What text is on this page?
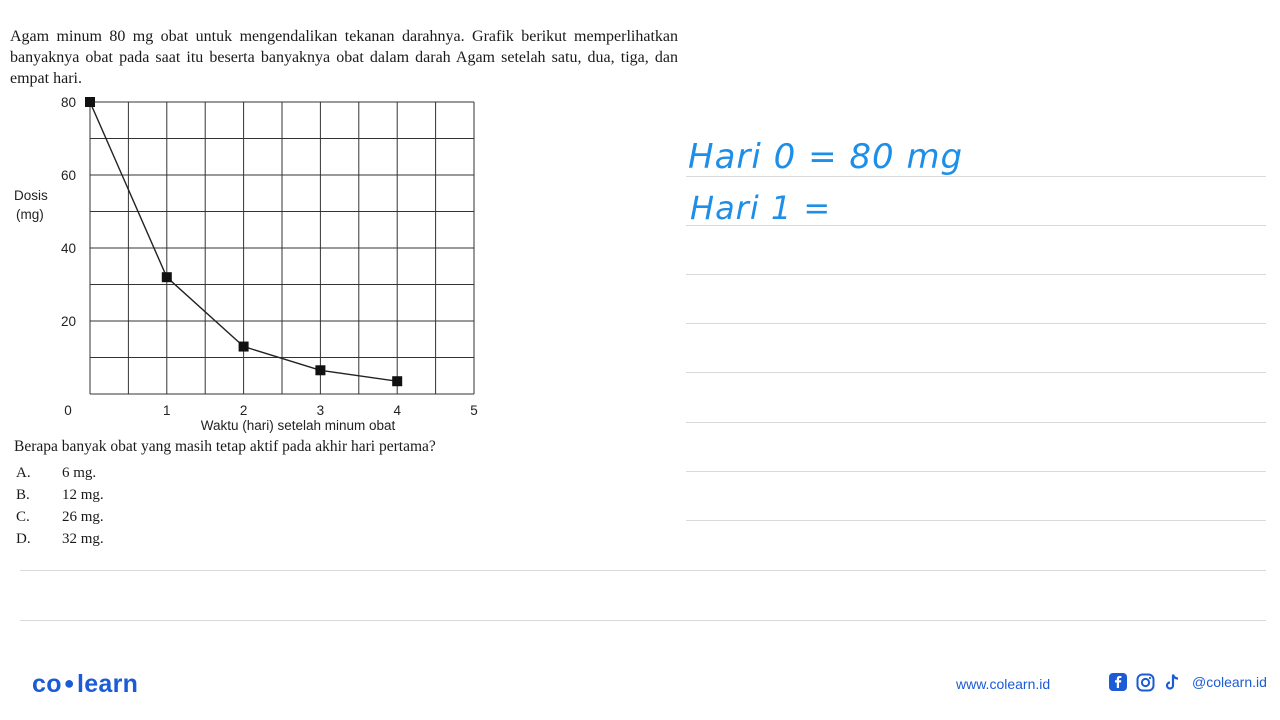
Agam minum 80 mg obat untuk mengendalikan tekanan darahnya. Grafik berikut memperlihatkan banyaknya obat pada saat itu beserta banyaknya obat dalam darah Agam setelah satu, dua, tiga, dan empat hari.
20
40
60
80
0	1	2	3	4	5
Dosis
(mg)
Waktu (hari) setelah minum obat
Berapa banyak obat yang masih tetap aktif pada akhir hari pertama?
A.	6 mg.
B.	12 mg.
C.	26 mg.
D.	32 mg.
Hari 0 = 80 mg
Hari 1 =
co ●learn	www.colearn.id	@colearn.id
